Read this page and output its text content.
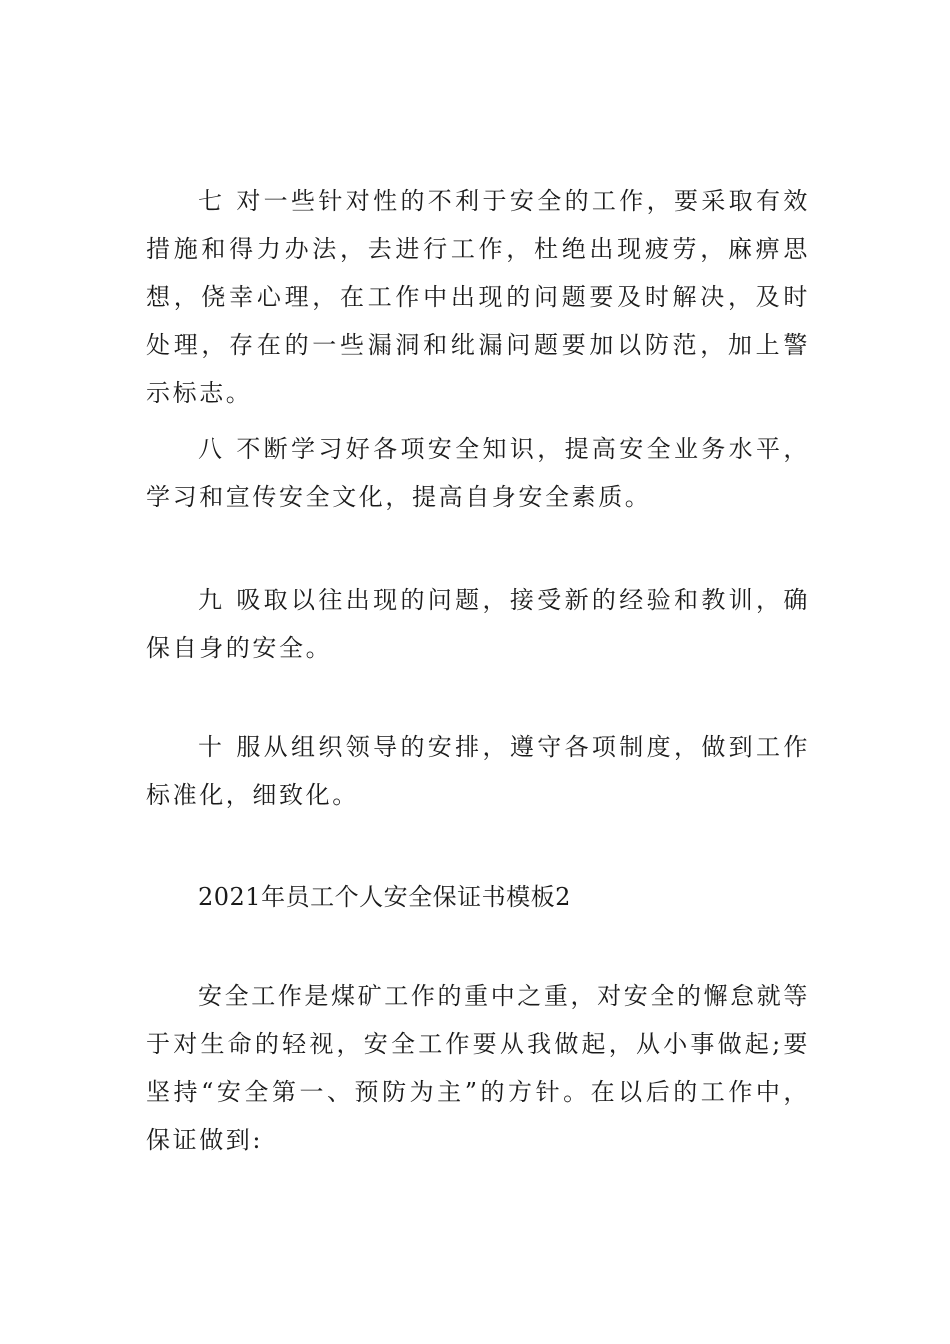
七 对一些针对性的不利于安全的工作，要采取有效措施和得力办法，去进行工作，杜绝出现疲劳，麻痹思想，侥幸心理，在工作中出现的问题要及时解决，及时处理，存在的一些漏洞和纰漏问题要加以防范，加上警示标志。

八 不断学习好各项安全知识，提高安全业务水平，学习和宣传安全文化，提高自身安全素质。

九 吸取以往出现的问题，接受新的经验和教训，确保自身的安全。

十 服从组织领导的安排，遵守各项制度，做到工作标准化，细致化。

2021年员工个人安全保证书模板2

安全工作是煤矿工作的重中之重，对安全的懈怠就等于对生命的轻视，安全工作要从我做起，从小事做起;要坚持“安全第一、预防为主”的方针。在以后的工作中，保证做到:
